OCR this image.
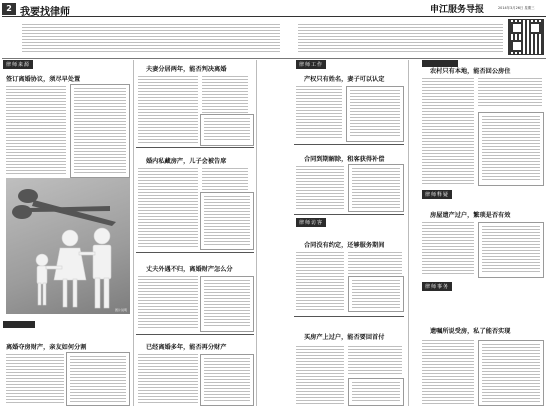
2 我要找律师	申江服务导报	2014年3月26日 星期三
律师来源
签订离婚协议，须尽早处置
图片说明
离婚夺房财产，亲友如何分割
夫妻分居两年，能否判决离婚
婚内私藏房产，儿子会被告席
丈夫外遇不归，离婚财产怎么分
已经离婚多年，能否再分财产
律师工作
产权只有姓名，妻子可以认定
合同到期解除，租客获得补偿
律师访客
合同没有约定，还够服务期间
买房产上过户，能否要回首付
农村只有本地，能否回公房住
律师释疑
房屋遗产过户，繁琐是否有效
律师事务
遗嘱所说受房，私了能否实现
